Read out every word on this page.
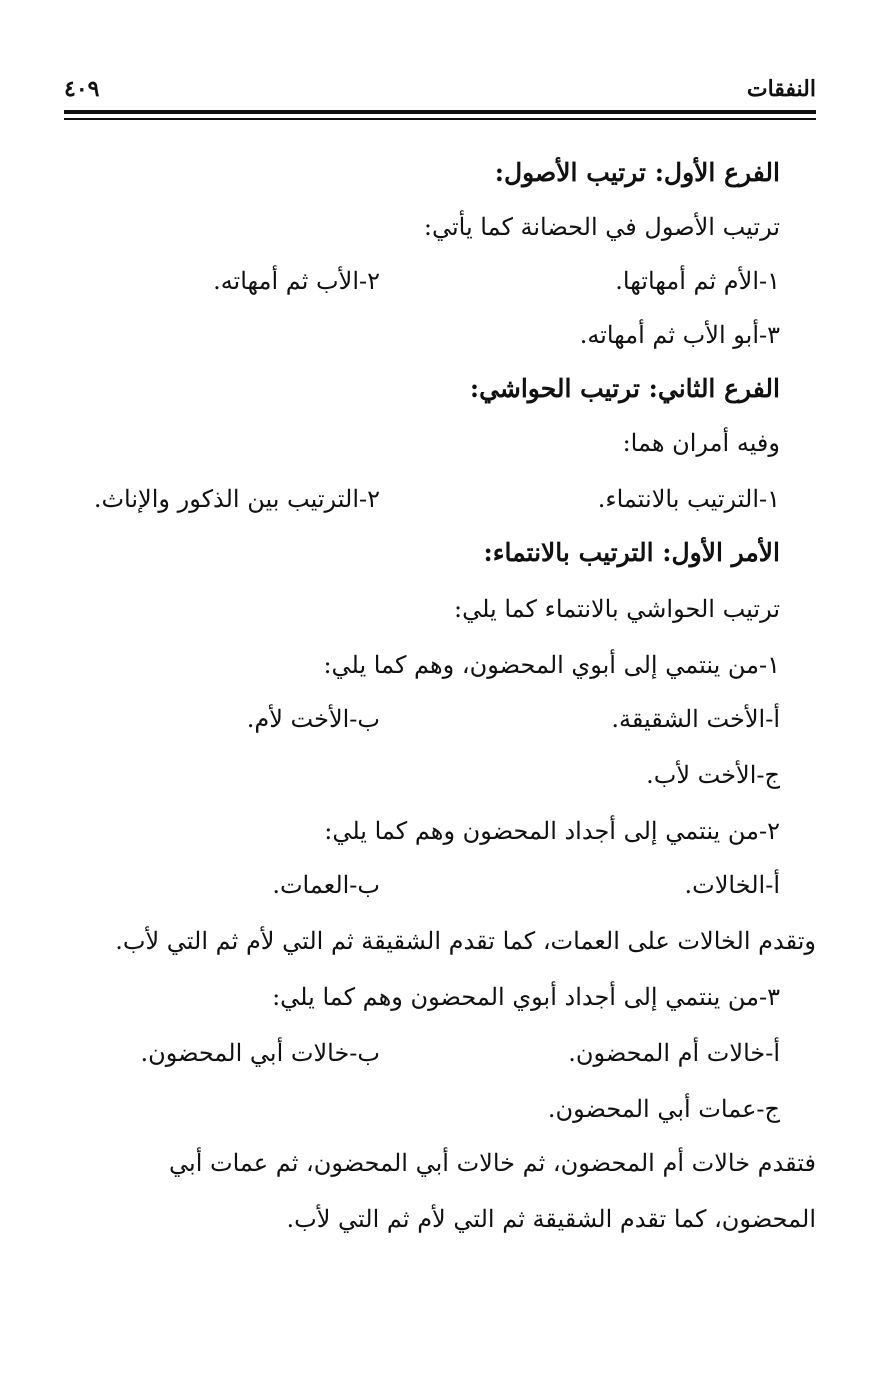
النفقات
٤٠٩
الفرع الأول: ترتيب الأصول:
ترتيب الأصول في الحضانة كما يأتي:
١-الأم ثم أمهاتها.
٢-الأب ثم أمهاته.
٣-أبو الأب ثم أمهاته.
الفرع الثاني: ترتيب الحواشي:
وفيه أمران هما:
١-الترتيب بالانتماء.
٢-الترتيب بين الذكور والإناث.
الأمر الأول: الترتيب بالانتماء:
ترتيب الحواشي بالانتماء كما يلي:
١-من ينتمي إلى أبوي المحضون، وهم كما يلي:
أ-الأخت الشقيقة.
ب-الأخت لأم.
ج-الأخت لأب.
٢-من ينتمي إلى أجداد المحضون وهم كما يلي:
أ-الخالات.
ب-العمات.
وتقدم الخالات على العمات، كما تقدم الشقيقة ثم التي لأم ثم التي لأب.
٣-من ينتمي إلى أجداد أبوي المحضون وهم كما يلي:
أ-خالات أم المحضون.
ب-خالات أبي المحضون.
ج-عمات أبي المحضون.
فتقدم خالات أم المحضون، ثم خالات أبي المحضون، ثم عمات أبي
المحضون، كما تقدم الشقيقة ثم التي لأم ثم التي لأب.
